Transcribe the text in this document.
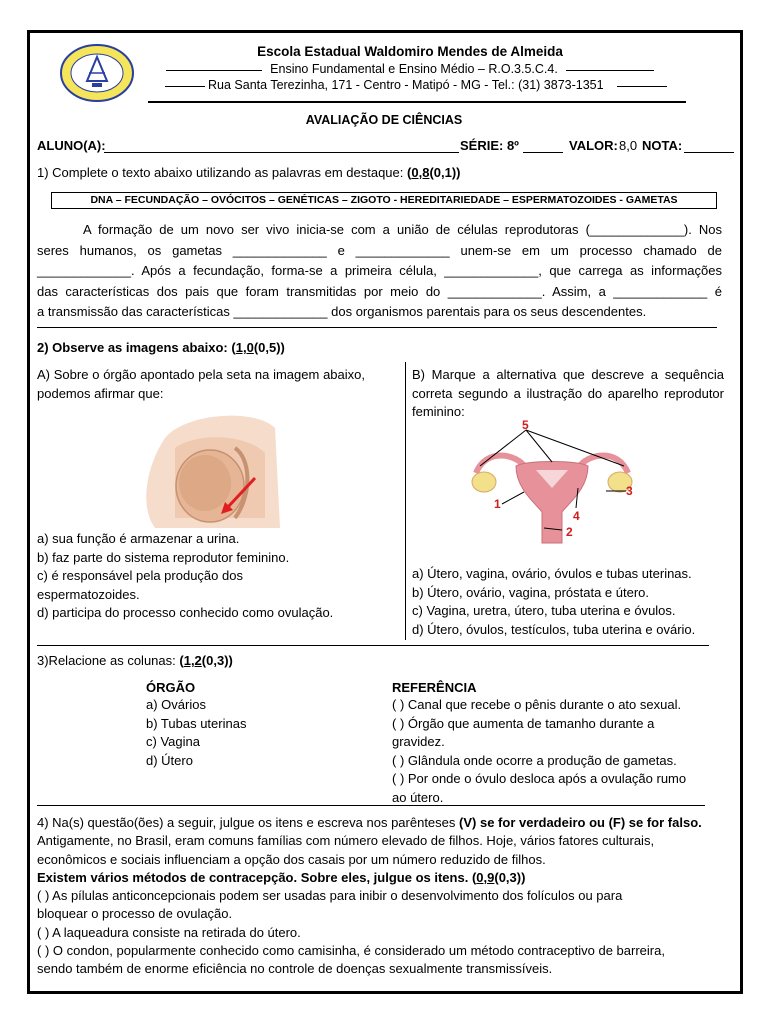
Escola Estadual Waldomiro Mendes de Almeida
Ensino Fundamental e Ensino Médio – R.O.3.5.C.4.
Rua Santa Terezinha, 171 - Centro - Matipó - MG - Tel.: (31) 3873-1351
AVALIAÇÃO DE CIÊNCIAS
ALUNO(A):	SÉRIE: 8º	VALOR: 8,0 NOTA:
1) Complete o texto abaixo utilizando as palavras em destaque: (0,8(0,1))
DNA – FECUNDAÇÃO – OVÓCITOS – GENÉTICAS – ZIGOTO - HEREDITARIEDADE – ESPERMATOZOIDES - GAMETAS
A formação de um novo ser vivo inicia-se com a união de células reprodutoras (_____________). Nos
seres humanos, os gametas _____________ e _____________ unem-se em um processo chamado de
_____________. Após a fecundação, forma-se a primeira célula, _____________, que carrega as informações
das características dos pais que foram transmitidas por meio do _____________. Assim, a _____________ é
a transmissão das características _____________ dos organismos parentais para os seus descendentes.
2) Observe as imagens abaixo: (1,0(0,5))
A) Sobre o órgão apontado pela seta na imagem abaixo, podemos afirmar que:
a) sua função é armazenar a urina.
b) faz parte do sistema reprodutor feminino.
c) é responsável pela produção dos espermatozoides.
d) participa do processo conhecido como ovulação.
B) Marque a alternativa que descreve a sequência correta segundo a ilustração do aparelho reprodutor feminino:
5
1
2
3
4
a) Útero, vagina, ovário, óvulos e tubas uterinas.
b) Útero, ovário, vagina, próstata e útero.
c) Vagina, uretra, útero, tuba uterina e óvulos.
d) Útero, óvulos, testículos, tuba uterina e ovário.
3)Relacione as colunas: (1,2(0,3))
ÓRGÃO
a) Ovários
b) Tubas uterinas
c) Vagina
d) Útero
REFERÊNCIA
( ) Canal que recebe o pênis durante o ato sexual.
( ) Órgão que aumenta de tamanho durante a
gravidez.
( ) Glândula onde ocorre a produção de gametas.
( ) Por onde o óvulo desloca após a ovulação rumo
ao útero.
4) Na(s) questão(ões) a seguir, julgue os itens e escreva nos parênteses (V) se for verdadeiro ou (F) se for falso.
Antigamente, no Brasil, eram comuns famílias com número elevado de filhos. Hoje, vários fatores culturais,
econômicos e sociais influenciam a opção dos casais por um número reduzido de filhos.
Existem vários métodos de contracepção. Sobre eles, julgue os itens. (0,9(0,3))
( ) As pílulas anticoncepcionais podem ser usadas para inibir o desenvolvimento dos folículos ou para
bloquear o processo de ovulação.
( ) A laqueadura consiste na retirada do útero.
( ) O condon, popularmente conhecido como camisinha, é considerado um método contraceptivo de barreira,
sendo também de enorme eficiência no controle de doenças sexualmente transmissíveis.
